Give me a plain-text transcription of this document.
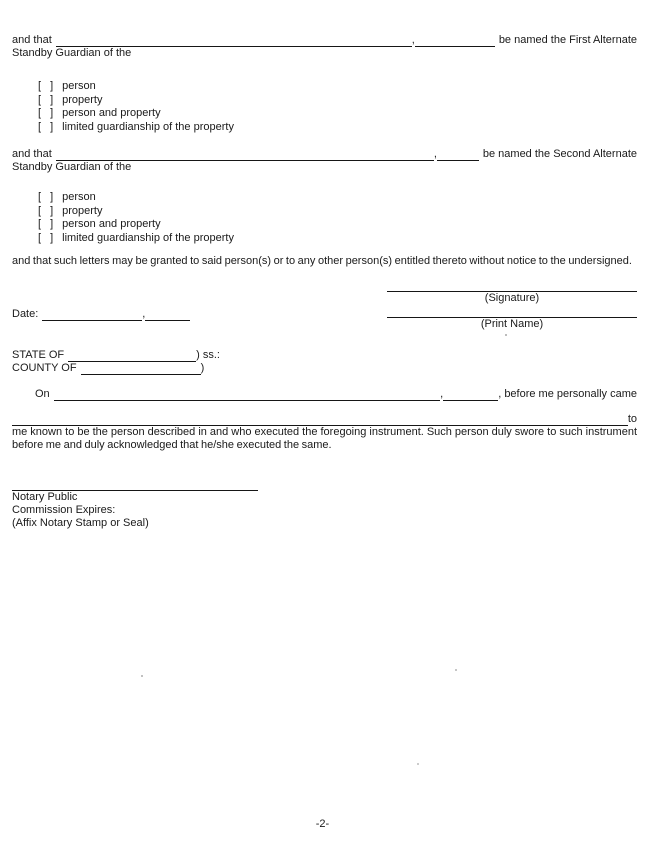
and that	,	be named the First Alternate
Standby Guardian of the
[ ] person
[ ] property
[ ] person and property
[ ] limited guardianship of the property
and that	,	be named the Second Alternate
Standby Guardian of the
[ ] person
[ ] property
[ ] person and property
[ ] limited guardianship of the property
and that such letters may be granted to said person(s) or to any other person(s) entitled thereto without notice to the undersigned.
Date:	,
(Signature)
(Print Name)
STATE OF	) ss.:
COUNTY OF	)
On	,	, before me personally came
to
me known to be the person described in and who executed the foregoing instrument. Such person duly swore to such instrument before me and duly acknowledged that he/she executed the same.
Notary Public
Commission Expires:
(Affix Notary Stamp or Seal)
-2-
